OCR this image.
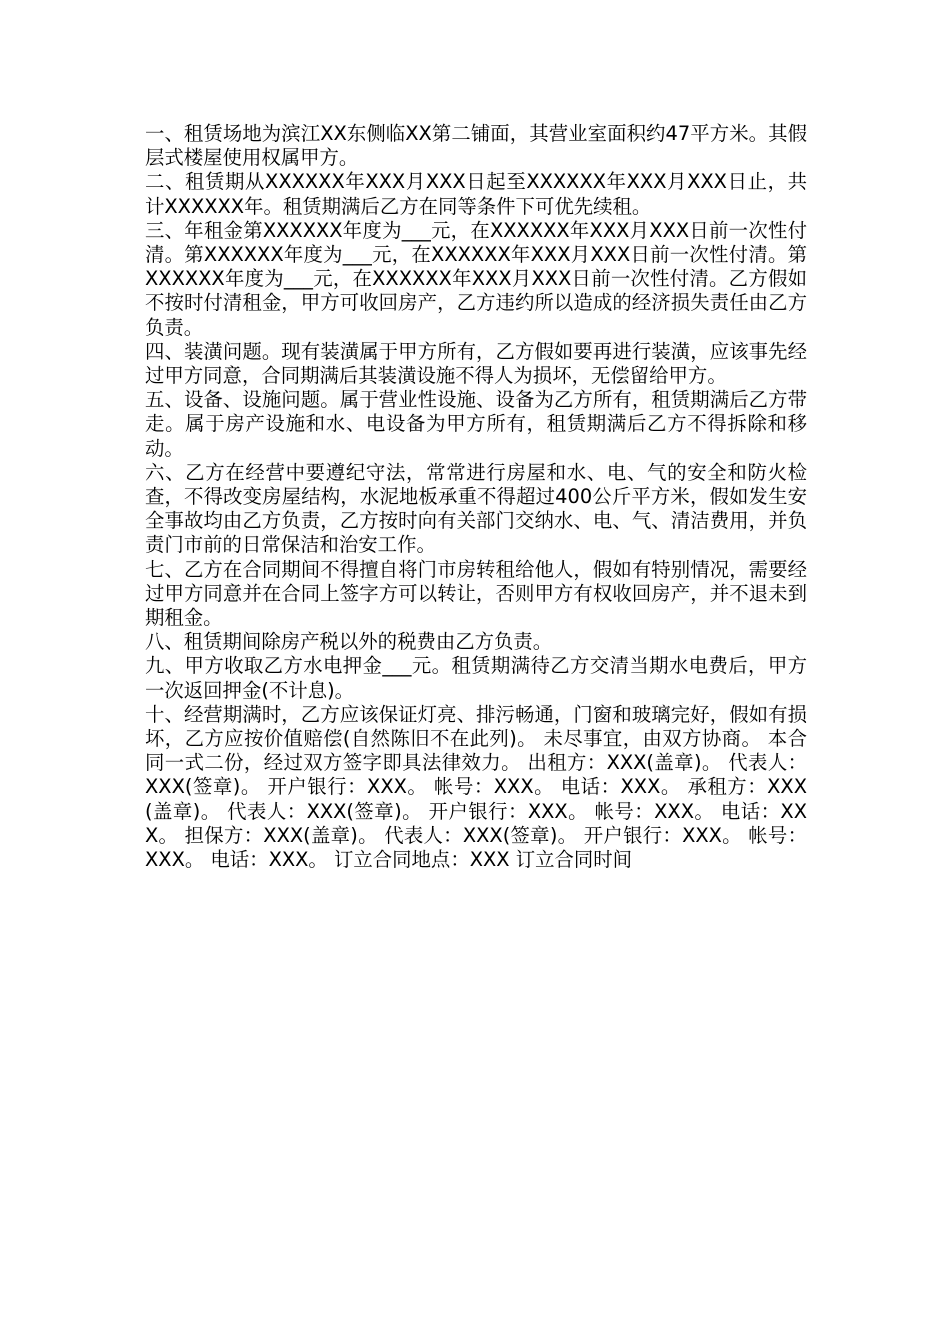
一、租赁场地为滨江XX东侧临XX第二铺面，其营业室面积约47平方米。其假层式楼屋使用权属甲方。

二、租赁期从XXXXXX年XXX月XXX日起至XXXXXX年XXX月XXX日止，共计XXXXXX年。租赁期满后乙方在同等条件下可优先续租。

三、年租金第XXXXXX年度为___元，在XXXXXX年XXX月XXX日前一次性付清。第XXXXXX年度为___元，在XXXXXX年XXX月XXX日前一次性付清。第XXXXXX年度为___元，在XXXXXX年XXX月XXX日前一次性付清。乙方假如不按时付清租金，甲方可收回房产，乙方违约所以造成的经济损失责任由乙方负责。

四、装潢问题。现有装潢属于甲方所有，乙方假如要再进行装潢，应该事先经过甲方同意，合同期满后其装潢设施不得人为损坏，无偿留给甲方。

五、设备、设施问题。属于营业性设施、设备为乙方所有，租赁期满后乙方带走。属于房产设施和水、电设备为甲方所有，租赁期满后乙方不得拆除和移动。

六、乙方在经营中要遵纪守法，常常进行房屋和水、电、气的安全和防火检查，不得改变房屋结构，水泥地板承重不得超过400公斤平方米，假如发生安全事故均由乙方负责，乙方按时向有关部门交纳水、电、气、清洁费用，并负责门市前的日常保洁和治安工作。

七、乙方在合同期间不得擅自将门市房转租给他人，假如有特别情况，需要经过甲方同意并在合同上签字方可以转让，否则甲方有权收回房产，并不退未到期租金。

八、租赁期间除房产税以外的税费由乙方负责。

九、甲方收取乙方水电押金___元。租赁期满待乙方交清当期水电费后，甲方一次返回押金(不计息)。

十、经营期满时，乙方应该保证灯亮、排污畅通，门窗和玻璃完好，假如有损坏，乙方应按价值赔偿(自然陈旧不在此列)。 未尽事宜，由双方协商。 本合同一式二份，经过双方签字即具法律效力。 出租方：XXX(盖章)。 代表人：XXX(签章)。 开户银行：XXX。 帐号：XXX。 电话：XXX。 承租方：XXX(盖章)。 代表人：XXX(签章)。 开户银行：XXX。 帐号：XXX。 电话：XXX。 担保方：XXX(盖章)。 代表人：XXX(签章)。 开户银行：XXX。 帐号：XXX。 电话：XXX。 订立合同地点：XXX 订立合同时间
